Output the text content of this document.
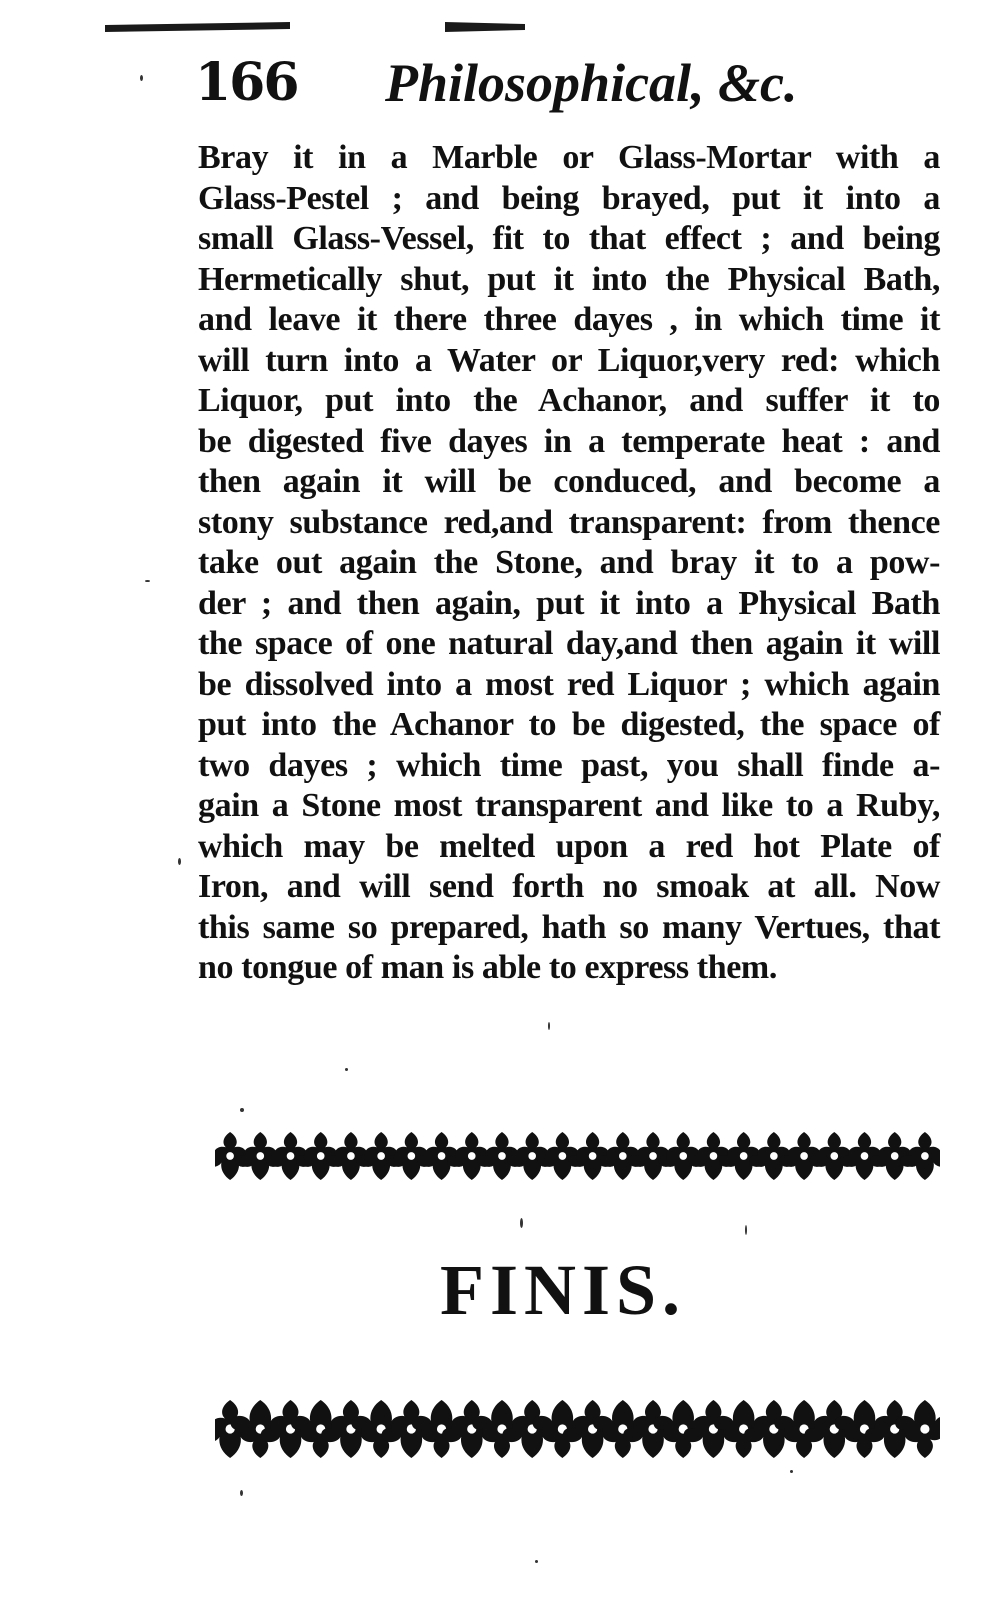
166 Philosophical, &c.
Bray it in a Marble or Glass-Mortar with a
Glass-Pestel ; and being brayed, put it into a
small Glass-Vessel, fit to that effect ; and being
Hermetically shut, put it into the Physical Bath,
and leave it there three dayes , in which time it
will turn into a Water or Liquor,very red: which
Liquor, put into the Achanor, and suffer it to
be digested five dayes in a temperate heat : and
then again it will be conduced, and become a
stony substance red,and transparent: from thence
take out again the Stone, and bray it to a pow-
der ; and then again, put it into a Physical Bath
the space of one natural day,and then again it will
be dissolved into a most red Liquor ; which again
put into the Achanor to be digested, the space of
two dayes ; which time past, you shall finde a-
gain a Stone most transparent and like to a Ruby,
which may be melted upon a red hot Plate of
Iron, and will send forth no smoak at all. Now
this same so prepared, hath so many Vertues, that
no tongue of man is able to express them.
FINIS.
